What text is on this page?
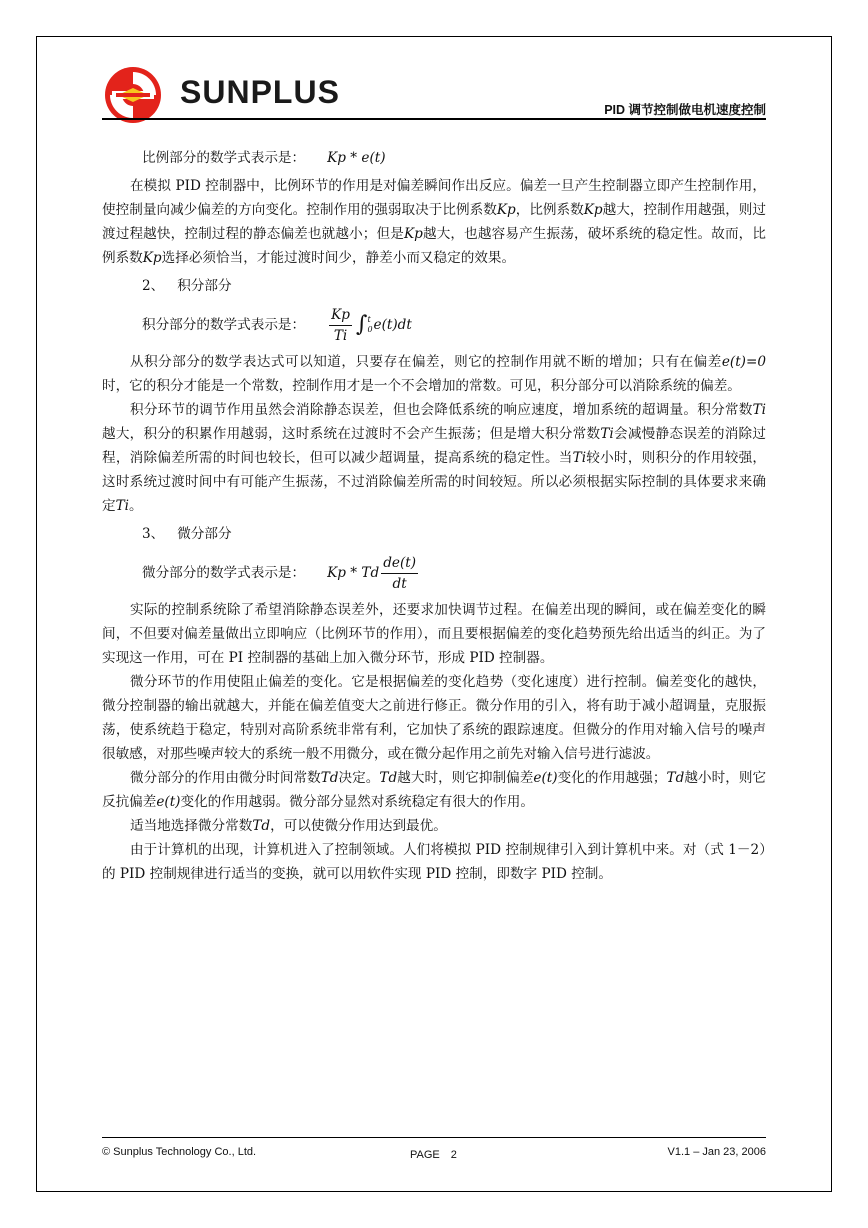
SUNPLUS	PID 调节控制做电机速度控制
比例部分的数学式表示是： Kp * e(t)

在模拟 PID 控制器中，比例环节的作用是对偏差瞬间作出反应。偏差一旦产生控制器立即产生控制作用，使控制量向减少偏差的方向变化。控制作用的强弱取决于比例系数Kp，比例系数Kp越大，控制作用越强，则过渡过程越快，控制过程的静态偏差也就越小；但是Kp越大，也越容易产生振荡，破坏系统的稳定性。故而，比例系数Kp选择必须恰当，才能过渡时间少，静差小而又稳定的效果。

2、 积分部分
积分部分的数学式表示是： $\frac{Kp}{Ti}$ ∫ t
0 e(t)dt

从积分部分的数学表达式可以知道，只要存在偏差，则它的控制作用就不断的增加；只有在偏差e(t)=0时，它的积分才能是一个常数，控制作用才是一个不会增加的常数。可见，积分部分可以消除系统的偏差。

积分环节的调节作用虽然会消除静态误差，但也会降低系统的响应速度，增加系统的超调量。积分常数Ti越大，积分的积累作用越弱，这时系统在过渡时不会产生振荡；但是增大积分常数Ti会减慢静态误差的消除过程，消除偏差所需的时间也较长，但可以减少超调量，提高系统的稳定性。当Ti较小时，则积分的作用较强，这时系统过渡时间中有可能产生振荡，不过消除偏差所需的时间较短。所以必须根据实际控制的具体要求来确定Ti。

3、 微分部分
微分部分的数学式表示是： Kp * Td $\frac{de(t)}{dt}$

实际的控制系统除了希望消除静态误差外，还要求加快调节过程。在偏差出现的瞬间，或在偏差变化的瞬间，不但要对偏差量做出立即响应（比例环节的作用），而且要根据偏差的变化趋势预先给出适当的纠正。为了实现这一作用，可在 PI 控制器的基础上加入微分环节，形成 PID 控制器。

微分环节的作用使阻止偏差的变化。它是根据偏差的变化趋势（变化速度）进行控制。偏差变化的越快，微分控制器的输出就越大，并能在偏差值变大之前进行修正。微分作用的引入，将有助于减小超调量，克服振荡，使系统趋于稳定，特别对高阶系统非常有利，它加快了系统的跟踪速度。但微分的作用对输入信号的噪声很敏感，对那些噪声较大的系统一般不用微分，或在微分起作用之前先对输入信号进行滤波。

微分部分的作用由微分时间常数Td决定。Td越大时，则它抑制偏差e(t)变化的作用越强；Td越小时，则它反抗偏差e(t)变化的作用越弱。微分部分显然对系统稳定有很大的作用。

适当地选择微分常数Td，可以使微分作用达到最优。

由于计算机的出现，计算机进入了控制领域。人们将模拟 PID 控制规律引入到计算机中来。对（式 1－2）的 PID 控制规律进行适当的变换，就可以用软件实现 PID 控制，即数字 PID 控制。

© Sunplus Technology Co., Ltd.	PAGE　2	V1.1 – Jan 23, 2006
